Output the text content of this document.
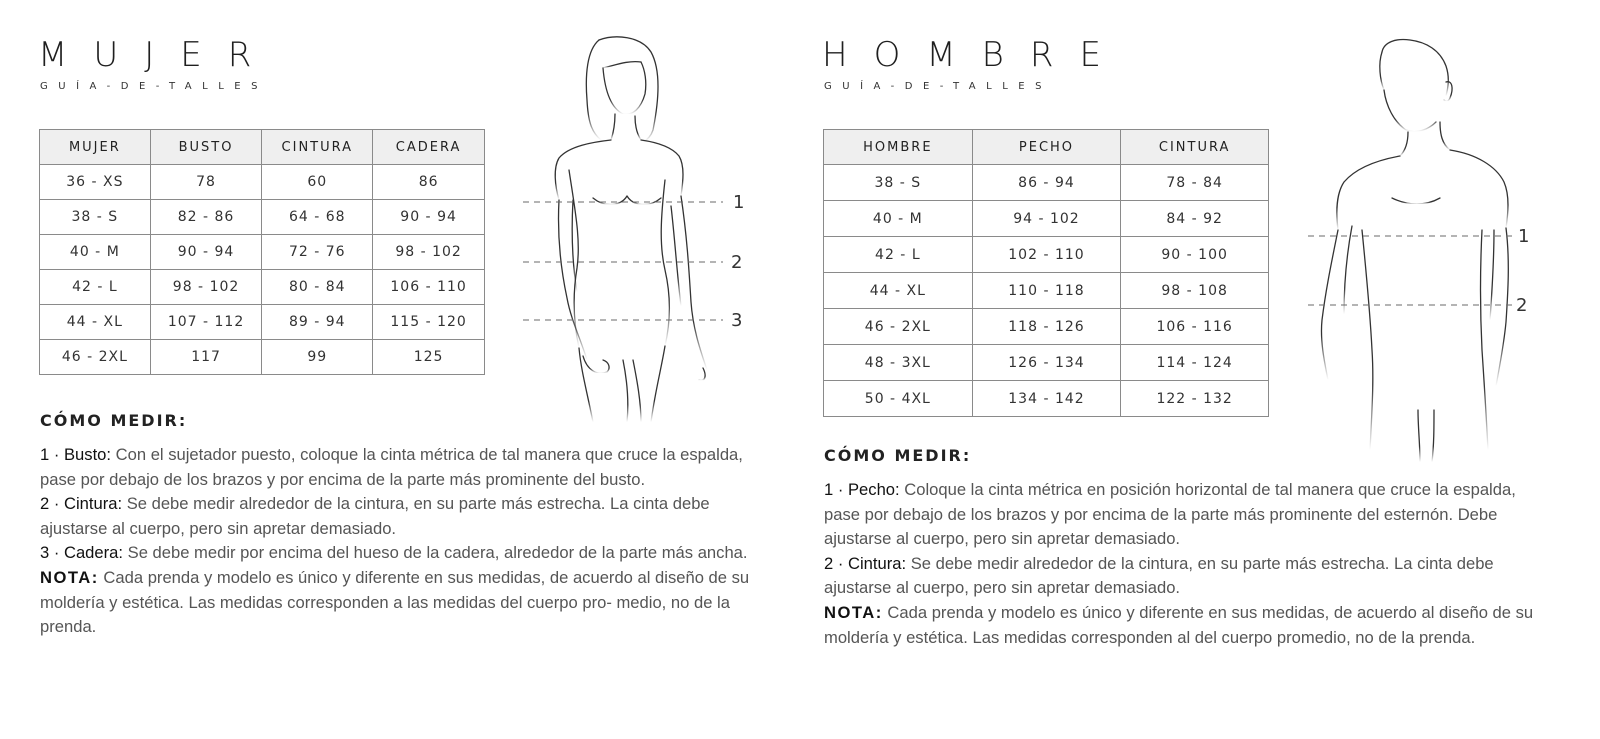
MUJER
GUÍA-DE-TALLES
MUJER	BUSTO	CINTURA	CADERA
36 - XS	78	60	86
38 - S	82 - 86	64 - 68	90 - 94
40 - M	90 - 94	72 - 76	98 - 102
42 - L	98 - 102	80 - 84	106 - 110
44 - XL	107 - 112	89 - 94	115 - 120
46 - 2XL	117	99	125
1
2
3
CÓMO MEDIR:

1 · Busto: Con el sujetador puesto, coloque la cinta métrica de tal manera que cruce la espalda, pase por debajo de los brazos y por encima de la parte más prominente del busto.

2 · Cintura: Se debe medir alrededor de la cintura, en su parte más estrecha. La cinta debe ajustarse al cuerpo, pero sin apretar demasiado.

3 · Cadera: Se debe medir por encima del hueso de la cadera, alrededor de la parte más ancha.

NOTA: Cada prenda y modelo es único y diferente en sus medidas, de acuerdo al diseño de su moldería y estética. Las medidas corresponden a las medidas del cuerpo pro- medio, no de la prenda.

HOMBRE
GUÍA-DE-TALLES
HOMBRE	PECHO	CINTURA
38 - S	86 - 94	78 - 84
40 - M	94 - 102	84 - 92
42 - L	102 - 110	90 - 100
44 - XL	110 - 118	98 - 108
46 - 2XL	118 - 126	106 - 116
48 - 3XL	126 - 134	114 - 124
50 - 4XL	134 - 142	122 - 132
1
2
CÓMO MEDIR:

1 · Pecho: Coloque la cinta métrica en posición horizontal de tal manera que cruce la espalda, pase por debajo de los brazos y por encima de la parte más prominente del esternón. Debe ajustarse al cuerpo, pero sin apretar demasiado.

2 · Cintura: Se debe medir alrededor de la cintura, en su parte más estrecha. La cinta debe ajustarse al cuerpo, pero sin apretar demasiado.

NOTA: Cada prenda y modelo es único y diferente en sus medidas, de acuerdo al diseño de su moldería y estética. Las medidas corresponden al del cuerpo promedio, no de la prenda.
